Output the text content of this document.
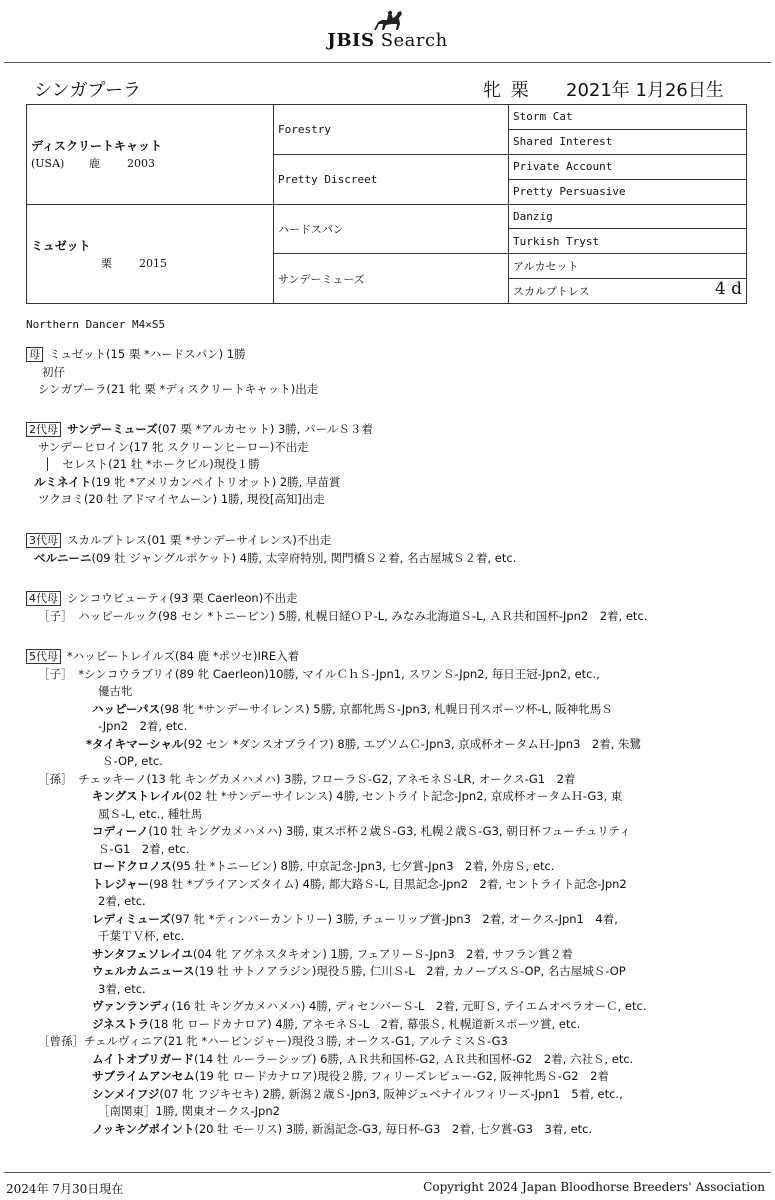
JBIS Search
シンガプーラ	牝 栗 2021年 1月26日生
ディスクリートキャット
(USA) 鹿 2003	Forestry	Storm Cat
		Shared Interest
	Pretty Discreet	Private Account
		Pretty Persuasive

ミュゼット
栗 2015	ハードスパン	Danzig
		Turkish Tryst
	サンデーミューズ	アルカセット
		スカルプトレス 4 d
Northern Dancer M4×S5
母 ミュゼット(15 栗 *ハードスパン) 1勝
初仔
シンガプーラ(21 牝 栗 *ディスクリートキャット)出走
2代母 サンデーミューズ(07 栗 *アルカセット) 3勝, パールＳ３着
サンデーヒロイン(17 牝 スクリーンヒーロー)不出走
│　セレスト(21 牡 *ホークビル)現役１勝
ルミネイト(19 牝 *アメリカンペイトリオット) 2勝, 早苗賞
ツクヨミ(20 牡 アドマイヤムーン) 1勝, 現役[高知]出走
3代母 スカルプトレス(01 栗 *サンデーサイレンス)不出走
ベルニーニ(09 牡 ジャングルポケット) 4勝, 太宰府特別, 関門橋Ｓ２着, 名古屋城Ｓ２着, etc.
4代母 シンコウビューティ(93 栗 Caerleon)不出走
［子］　ハッピールック(98 セン *トニービン) 5勝, 札幌日経ＯＰ-L, みなみ北海道Ｓ-L, ＡＲ共和国杯-Jpn2　2着, etc.
5代母 *ハッピートレイルズ(84 鹿 *ポツセ)IRE入着
［子］　*シンコウラブリイ(89 牝 Caerleon)10勝, マイルＣｈＳ-Jpn1, スワンＳ-Jpn2, 毎日王冠-Jpn2, etc.,
優古牝
ハッピーパス(98 牝 *サンデーサイレンス) 5勝, 京都牝馬Ｓ-Jpn3, 札幌日刊スポーツ杯-L, 阪神牝馬Ｓ
-Jpn2　2着, etc.
*タイキマーシャル(92 セン *ダンスオブライフ) 8勝, エプソムＣ-Jpn3, 京成杯オータムＨ-Jpn3　2着, 朱鷺
Ｓ-OP, etc.
［孫］　チェッキーノ(13 牝 キングカメハメハ) 3勝, フローラＳ-G2, アネモネＳ-LR, オークス-G1　2着
キングストレイル(02 牡 *サンデーサイレンス) 4勝, セントライト記念-Jpn2, 京成杯オータムＨ-G3, 東
風Ｓ-L, etc., 種牡馬
コディーノ(10 牡 キングカメハメハ) 3勝, 東スポ杯２歳Ｓ-G3, 札幌２歳Ｓ-G3, 朝日杯フューチュリティ
Ｓ-G1　2着, etc.
ロードクロノス(95 牡 *トニービン) 8勝, 中京記念-Jpn3, 七夕賞-Jpn3　2着, 外房Ｓ, etc.
トレジャー(98 牡 *ブライアンズタイム) 4勝, 都大路Ｓ-L, 目黒記念-Jpn2　2着, セントライト記念-Jpn2
2着, etc.
レディミューズ(97 牝 *ティンバーカントリー) 3勝, チューリップ賞-Jpn3　2着, オークス-Jpn1　4着,
千葉ＴＶ杯, etc.
サンタフェソレイユ(04 牝 アグネスタキオン) 1勝, フェアリーＳ-Jpn3　2着, サフラン賞２着
ウェルカムニュース(19 牡 サトノアラジン)現役５勝, 仁川Ｓ-L　2着, カノープスＳ-OP, 名古屋城Ｓ-OP
3着, etc.
ヴァンランディ(16 牡 キングカメハメハ) 4勝, ディセンバーＳ-L　2着, 元町Ｓ, テイエムオペラオーＣ, etc.
ジネストラ(18 牝 ロードカナロア) 4勝, アネモネＳ-L　2着, 幕張Ｓ, 札幌道新スポーツ賞, etc.
［曾孫］チェルヴィニア(21 牝 *ハービンジャー)現役３勝, オークス-G1, アルテミスＳ-G3
ムイトオブリガード(14 牡 ルーラーシップ) 6勝, ＡＲ共和国杯-G2, ＡＲ共和国杯-G2　2着, 六社Ｓ, etc.
サブライムアンセム(19 牝 ロードカナロア)現役２勝, フィリーズレビュー-G2, 阪神牝馬Ｓ-G2　2着
シンメイフジ(07 牝 フジキセキ) 2勝, 新潟２歳Ｓ-Jpn3, 阪神ジュベナイルフィリーズ-Jpn1　5着, etc.,
［南関東］1勝, 関東オークス-Jpn2
ノッキングポイント(20 牡 モーリス) 3勝, 新潟記念-G3, 毎日杯-G3　2着, 七夕賞-G3　3着, etc.
2024年 7月30日現在	Copyright 2024 Japan Bloodhorse Breeders' Association
